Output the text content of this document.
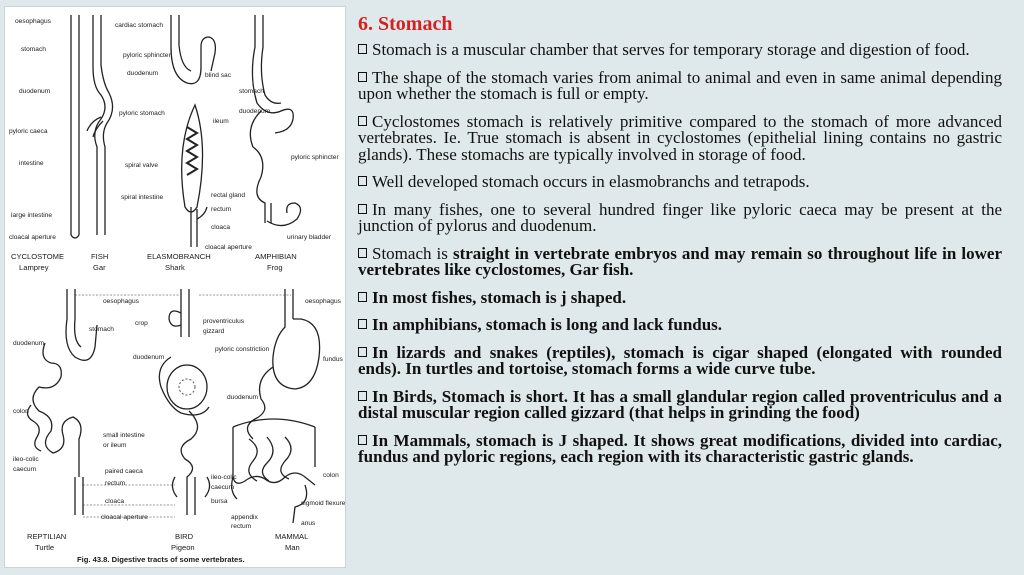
oesophagus
stomach
duodenum
pyloric caeca
intestine
large intestine
cloacal aperture
cardiac stomach
pyloric sphincter
duodenum	blind sac
pyloric stomach
spiral valve
spiral intestine	rectal gland
rectum
cloaca
cloacal aperture
ileum
stomach
duodenum
pyloric sphincter
urinary bladder
CYCLOSTOME
Lamprey
FISH
Gar
ELASMOBRANCH
Shark
AMPHIBIAN
Frog
oesophagus	oesophagus
stomach
crop	proventriculus
gizzard
duodenum
duodenum
pyloric constriction
fundus
duodenum
colon
small intestine
or ileum
ileo-colic
caecum	paired caeca
rectum
cloaca
cloacal aperture
ileo-colic
caecum
bursa
appendix
rectum
colon
sigmoid flexure
anus
REPTILIAN
Turtle
BIRD
Pigeon
MAMMAL
Man
Fig. 43.8. Digestive tracts of some vertebrates.
6. Stomach
Stomach is a muscular chamber that serves for temporary storage and digestion of food.
The shape of the stomach varies from animal to animal and even in same animal depending upon whether the stomach is full or empty.
Cyclostomes stomach is relatively primitive compared to the stomach of more advanced vertebrates. Ie. True stomach is absent in cyclostomes (epithelial lining contains no gastric glands). These stomachs are typically involved in storage of food.
Well developed stomach occurs in elasmobranchs and tetrapods.
In many fishes, one to several hundred finger like pyloric caeca may be present at the junction of pylorus and duodenum.
Stomach is straight in vertebrate embryos and may remain so throughout life in lower vertebrates like cyclostomes, Gar fish.
In most fishes, stomach is j shaped.
In amphibians, stomach is long and lack fundus.
In lizards and snakes (reptiles), stomach is cigar shaped (elongated with rounded ends). In turtles and tortoise, stomach forms a wide curve tube.
In Birds, Stomach is short. It has a small glandular region called proventriculus and a distal muscular region called gizzard (that helps in grinding the food)
In Mammals, stomach is J shaped. It shows great modifications, divided into cardiac, fundus and pyloric regions, each region with its characteristic gastric glands.
